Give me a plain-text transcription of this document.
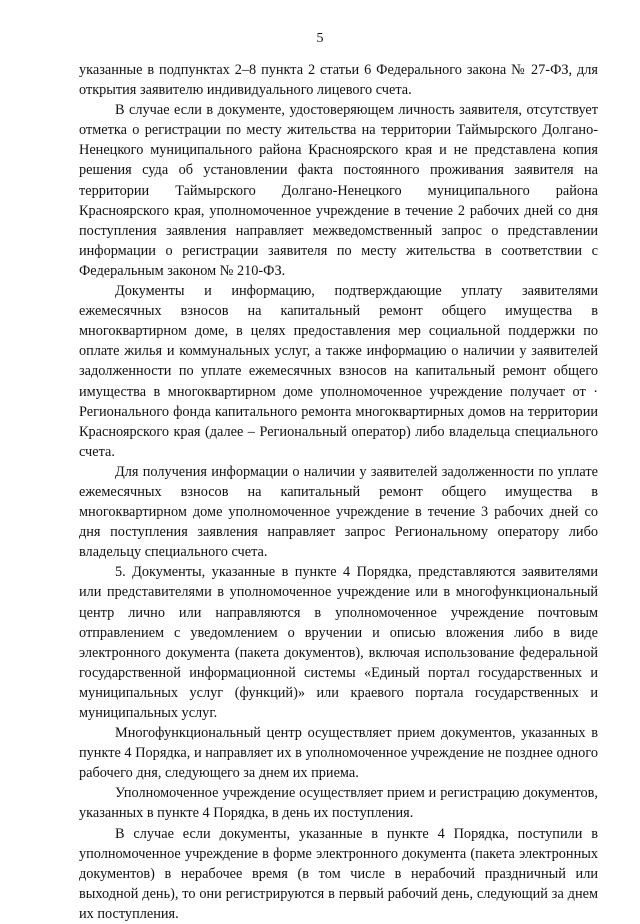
5

указанные в подпунктах 2–8 пункта 2 статьи 6 Федерального закона № 27-ФЗ, для открытия заявителю индивидуального лицевого счета.

В случае если в документе, удостоверяющем личность заявителя, отсутствует отметка о регистрации по месту жительства на территории Таймырского Долгано-Ненецкого муниципального района Красноярского края и не представлена копия решения суда об установлении факта постоянного проживания заявителя на территории Таймырского Долгано-Ненецкого муниципального района Красноярского края, уполномоченное учреждение в течение 2 рабочих дней со дня поступления заявления направляет межведомственный запрос о представлении информации о регистрации заявителя по месту жительства в соответствии с Федеральным законом № 210-ФЗ.

Документы и информацию, подтверждающие уплату заявителями ежемесячных взносов на капитальный ремонт общего имущества в многоквартирном доме, в целях предоставления мер социальной поддержки по оплате жилья и коммунальных услуг, а также информацию о наличии у заявителей задолженности по уплате ежемесячных взносов на капитальный ремонт общего имущества в многоквартирном доме уполномоченное учреждение получает от · Регионального фонда капитального ремонта многоквартирных домов на территории Красноярского края (далее – Региональный оператор) либо владельца специального счета.

Для получения информации о наличии у заявителей задолженности по уплате ежемесячных взносов на капитальный ремонт общего имущества в многоквартирном доме уполномоченное учреждение в течение 3 рабочих дней со дня поступления заявления направляет запрос Региональному оператору либо владельцу специального счета.

5. Документы, указанные в пункте 4 Порядка, представляются заявителями или представителями в уполномоченное учреждение или в многофункциональный центр лично или направляются в уполномоченное учреждение почтовым отправлением с уведомлением о вручении и описью вложения либо в виде электронного документа (пакета документов), включая использование федеральной государственной информационной системы «Единый портал государственных и муниципальных услуг (функций)» или краевого портала государственных и муниципальных услуг.

Многофункциональный центр осуществляет прием документов, указанных в пункте 4 Порядка, и направляет их в уполномоченное учреждение не позднее одного рабочего дня, следующего за днем их приема.

Уполномоченное учреждение осуществляет прием и регистрацию документов, указанных в пункте 4 Порядка, в день их поступления.

В случае если документы, указанные в пункте 4 Порядка, поступили в уполномоченное учреждение в форме электронного документа (пакета электронных документов) в нерабочее время (в том числе в нерабочий праздничный или выходной день), то они регистрируются в первый рабочий день, следующий за днем их поступления.
